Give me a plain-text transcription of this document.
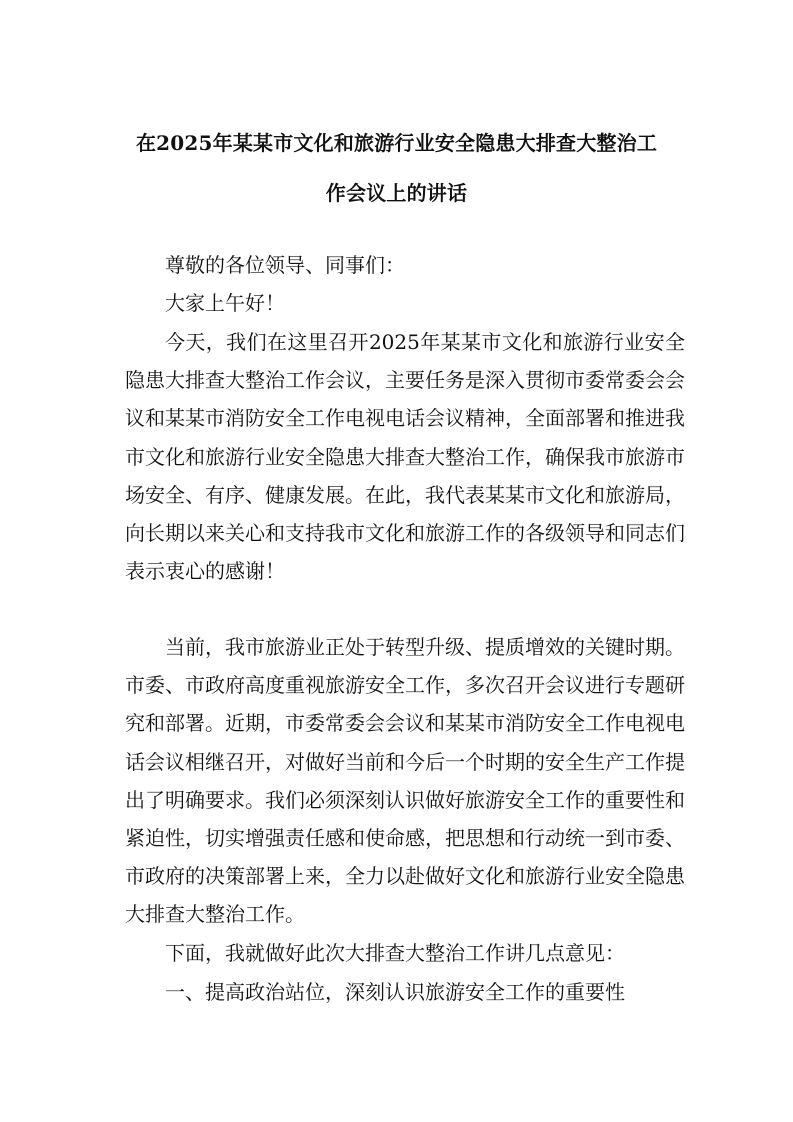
在2025年某某市文化和旅游行业安全隐患大排查大整治工
作会议上的讲话

尊敬的各位领导、同事们：

大家上午好！

今天，我们在这里召开2025年某某市文化和旅游行业安全隐患大排查大整治工作会议，主要任务是深入贯彻市委常委会会议和某某市消防安全工作电视电话会议精神，全面部署和推进我市文化和旅游行业安全隐患大排查大整治工作，确保我市旅游市场安全、有序、健康发展。在此，我代表某某市文化和旅游局，向长期以来关心和支持我市文化和旅游工作的各级领导和同志们表示衷心的感谢！

当前，我市旅游业正处于转型升级、提质增效的关键时期。市委、市政府高度重视旅游安全工作，多次召开会议进行专题研究和部署。近期，市委常委会会议和某某市消防安全工作电视电话会议相继召开，对做好当前和今后一个时期的安全生产工作提出了明确要求。我们必须深刻认识做好旅游安全工作的重要性和紧迫性，切实增强责任感和使命感，把思想和行动统一到市委、市政府的决策部署上来，全力以赴做好文化和旅游行业安全隐患大排查大整治工作。

下面，我就做好此次大排查大整治工作讲几点意见：

一、提高政治站位，深刻认识旅游安全工作的重要性
